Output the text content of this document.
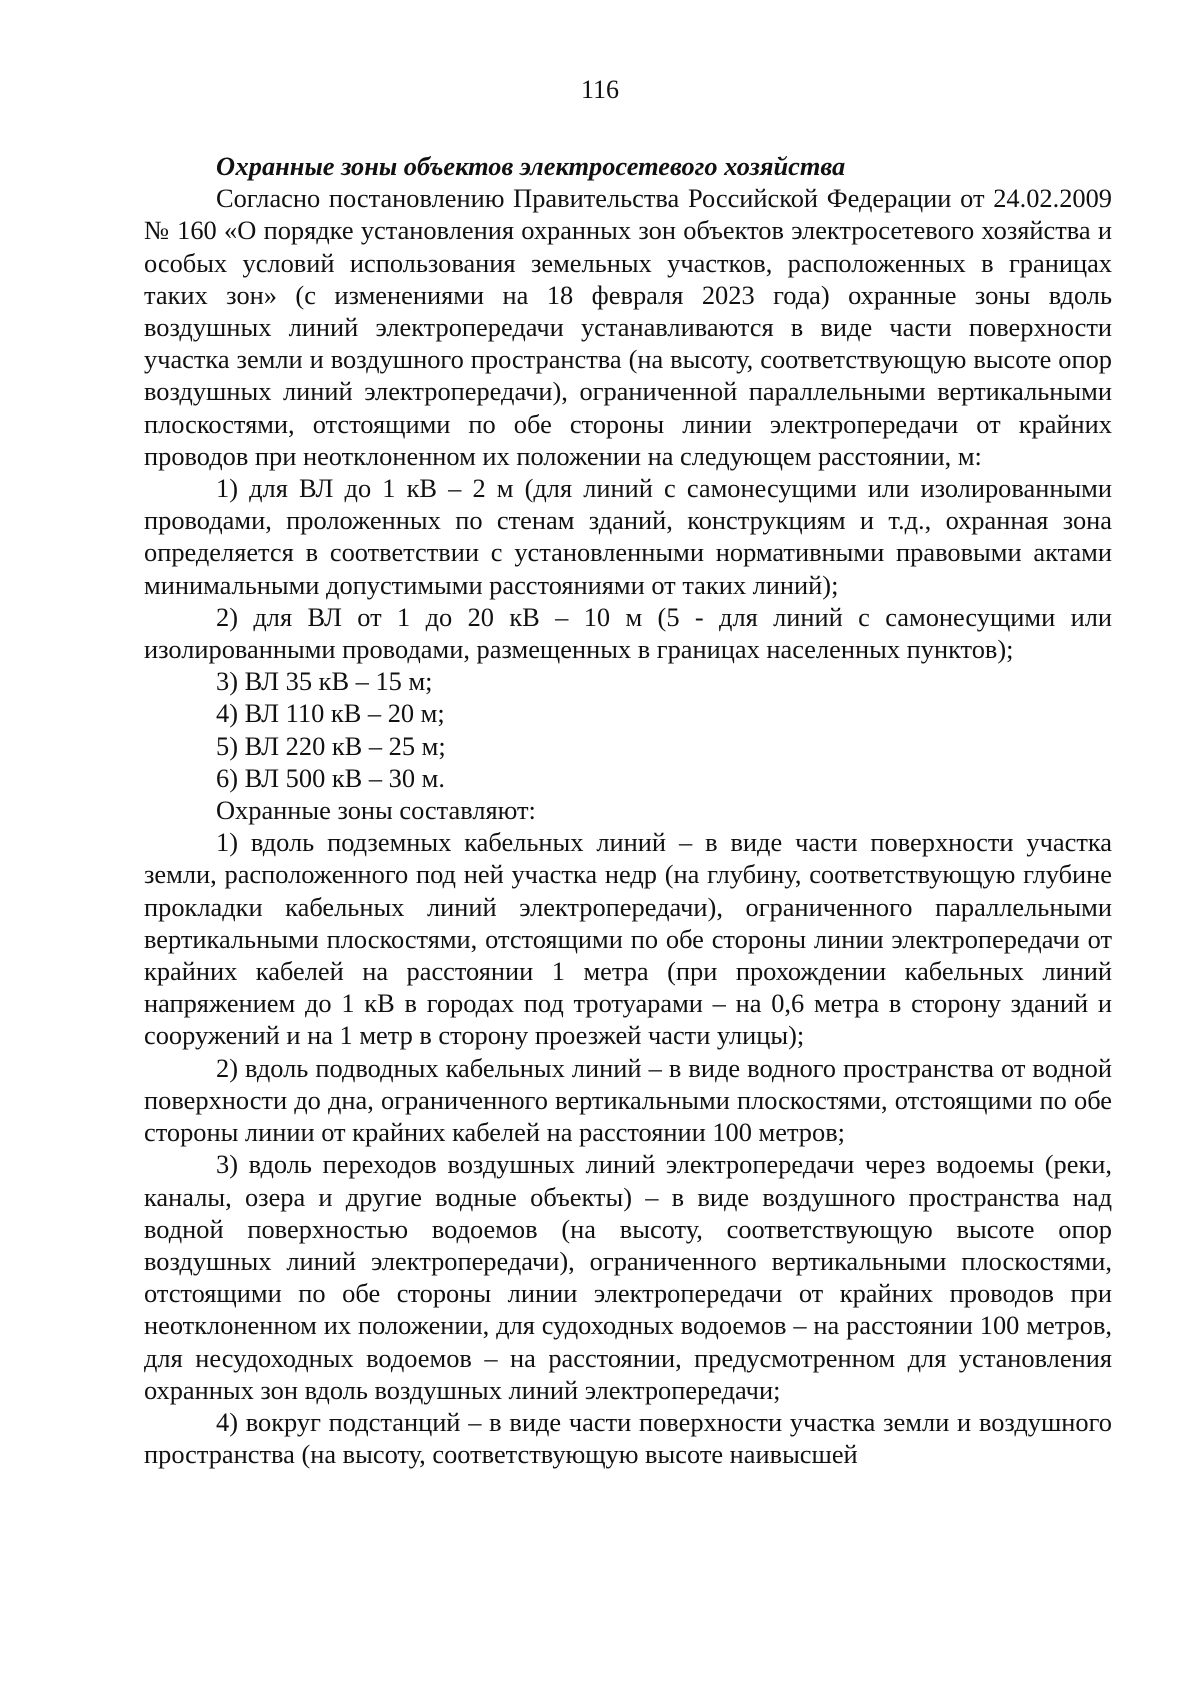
116

Охранные зоны объектов электросетевого хозяйства

Согласно постановлению Правительства Российской Федерации от 24.02.2009 № 160 «О порядке установления охранных зон объектов электросетевого хозяйства и особых условий использования земельных участков, расположенных в границах таких зон» (с изменениями на 18 февраля 2023 года) охранные зоны вдоль воздушных линий электропередачи устанавливаются в виде части поверхности участка земли и воздушного пространства (на высоту, соответствующую высоте опор воздушных линий электропередачи), ограниченной параллельными вертикальными плоскостями, отстоящими по обе стороны линии электропередачи от крайних проводов при неотклоненном их положении на следующем расстоянии, м:

1) для ВЛ до 1 кВ – 2 м (для линий с самонесущими или изолированными проводами, проложенных по стенам зданий, конструкциям и т.д., охранная зона определяется в соответствии с установленными нормативными правовыми актами минимальными допустимыми расстояниями от таких линий);

2) для ВЛ от 1 до 20 кВ – 10 м (5 - для линий с самонесущими или изолированными проводами, размещенных в границах населенных пунктов);

3) ВЛ 35 кВ – 15 м;

4) ВЛ 110 кВ – 20 м;

5) ВЛ 220 кВ – 25 м;

6) ВЛ 500 кВ – 30 м.

Охранные зоны составляют:

1) вдоль подземных кабельных линий – в виде части поверхности участка земли, расположенного под ней участка недр (на глубину, соответствующую глубине прокладки кабельных линий электропередачи), ограниченного параллельными вертикальными плоскостями, отстоящими по обе стороны линии электропередачи от крайних кабелей на расстоянии 1 метра (при прохождении кабельных линий напряжением до 1 кВ в городах под тротуарами – на 0,6 метра в сторону зданий и сооружений и на 1 метр в сторону проезжей части улицы);

2) вдоль подводных кабельных линий – в виде водного пространства от водной поверхности до дна, ограниченного вертикальными плоскостями, отстоящими по обе стороны линии от крайних кабелей на расстоянии 100 метров;

3) вдоль переходов воздушных линий электропередачи через водоемы (реки, каналы, озера и другие водные объекты) – в виде воздушного пространства над водной поверхностью водоемов (на высоту, соответствующую высоте опор воздушных линий электропередачи), ограниченного вертикальными плоскостями, отстоящими по обе стороны линии электропередачи от крайних проводов при неотклоненном их положении, для судоходных водоемов – на расстоянии 100 метров, для несудоходных водоемов – на расстоянии, предусмотренном для установления охранных зон вдоль воздушных линий электропередачи;

4) вокруг подстанций – в виде части поверхности участка земли и воздушного пространства (на высоту, соответствующую высоте наивысшей
